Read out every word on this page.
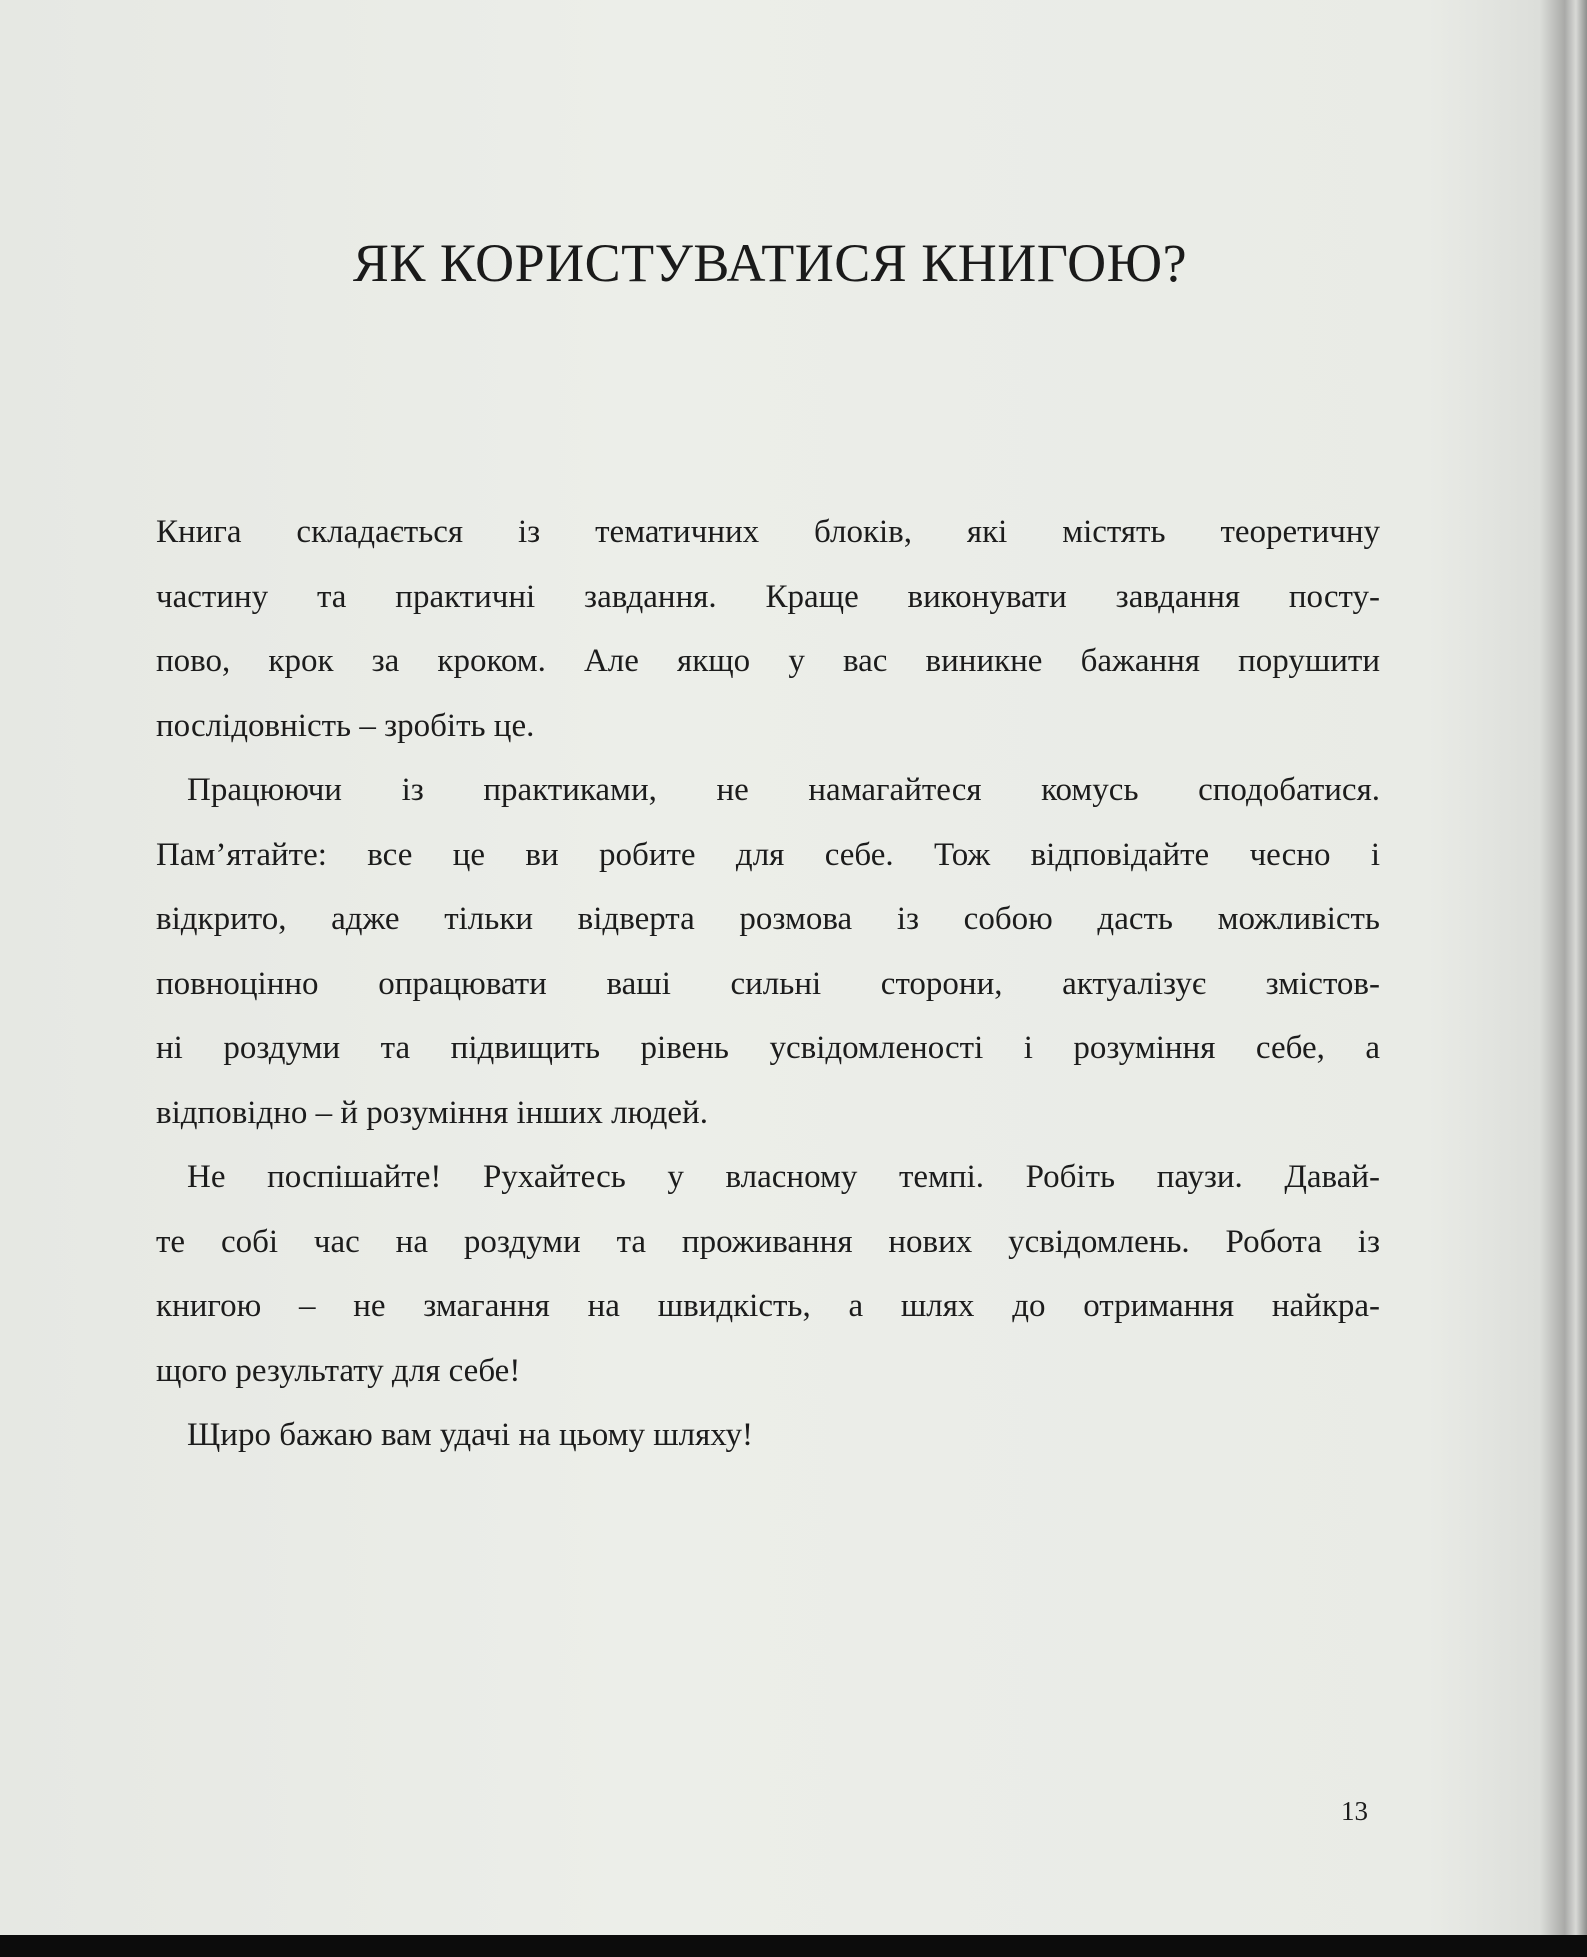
ЯК КОРИСТУВАТИСЯ КНИГОЮ?
Книга складається із тематичних блоків, які містять теоретичну
частину та практичні завдання. Краще виконувати завдання посту-
пово, крок за кроком. Але якщо у вас виникне бажання порушити
послідовність – зробіть це.
Працюючи із практиками, не намагайтеся комусь сподобатися.
Пам’ятайте: все це ви робите для себе. Тож відповідайте чесно і
відкрито, адже тільки відверта розмова із собою дасть можливість
повноцінно опрацювати ваші сильні сторони, актуалізує змістов-
ні роздуми та підвищить рівень усвідомленості і розуміння себе, а
відповідно – й розуміння інших людей.
Не поспішайте! Рухайтесь у власному темпі. Робіть паузи. Давай-
те собі час на роздуми та проживання нових усвідомлень. Робота із
книгою – не змагання на швидкість, а шлях до отримання найкра-
щого результату для себе!
Щиро бажаю вам удачі на цьому шляху!
13
